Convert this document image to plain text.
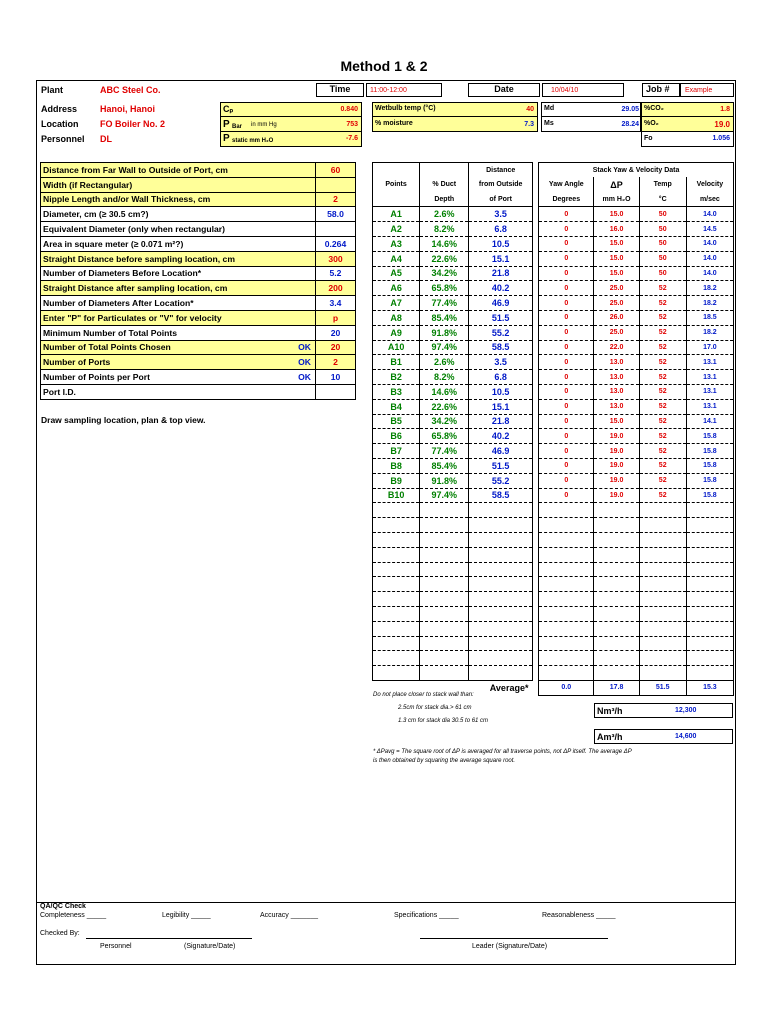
Method 1 & 2
Plant	ABC Steel Co.	Time	11:00-12:00	Date	10/04/10	Job #	Example
Address	Hanoi, Hanoi
Location FO Boiler No. 2
Personnel DL
Cₚ	0.840
P Bar in mm Hg	753
P static mm H₂O	-7.6
Wetbulb temp (°C)	40
% moisture	7.3
Md	29.05
Ms	28.24
%CO₂	1.8
%O₂	19.0
Fo	1.056
Distance from Far Wall to Outside of Port, cm		60
Width (if Rectangular)		
Nipple Length and/or Wall Thickness, cm		2
Diameter, cm (≥ 30.5 cm?)		58.0
Equivalent Diameter (only when rectangular)		
Area in square meter (≥ 0.071 m²?)		0.264
Straight Distance before sampling location, cm		300
Number of Diameters Before Location*		5.2
Straight Distance after sampling location, cm		200
Number of Diameters After Location*		3.4
Enter "P" for Particulates or "V" for velocity		p
Minimum Number of Total Points		20
Number of Total Points Chosen	OK	20
Number of Ports	OK	2
Number of Points per Port	OK	10
Port I.D.		
Draw sampling location, plan & top view.
		Distance		Stack Yaw & Velocity Data			
Points	% Duct	from Outside		Yaw Angle	ΔP	Temp	Velocity
	Depth	of Port		Degrees	mm H₂O	°C	m/sec
A1	2.6%	3.5		0	15.0	50	14.0
A2	8.2%	6.8		0	16.0	50	14.5
A3	14.6%	10.5		0	15.0	50	14.0
A4	22.6%	15.1		0	15.0	50	14.0
A5	34.2%	21.8		0	15.0	50	14.0
A6	65.8%	40.2		0	25.0	52	18.2
A7	77.4%	46.9		0	25.0	52	18.2
A8	85.4%	51.5		0	26.0	52	18.5
A9	91.8%	55.2		0	25.0	52	18.2
A10	97.4%	58.5		0	22.0	52	17.0
B1	2.6%	3.5		0	13.0	52	13.1
B2	8.2%	6.8		0	13.0	52	13.1
B3	14.6%	10.5		0	13.0	52	13.1
B4	22.6%	15.1		0	13.0	52	13.1
B5	34.2%	21.8		0	15.0	52	14.1
B6	65.8%	40.2		0	19.0	52	15.8
B7	77.4%	46.9		0	19.0	52	15.8
B8	85.4%	51.5		0	19.0	52	15.8
B9	91.8%	55.2		0	19.0	52	15.8
B10	97.4%	58.5		0	19.0	52	15.8

Average*				0.0	17.8	51.5	15.3
Do not place closer to stack wall than:
2.5cm for stack dia.> 61 cm
1.3 cm for stack dia 30.5 to 61 cm
Nm³/h	12,300
Am³/h	14,600
* ΔPavg = The square root of ΔP is averaged for all traverse points, not ΔP itself. The average ΔP
is then obtained by squaring the average square root.
QA/QC Check
Completeness _____	Legibility _____	Accuracy _______	Specifications _____	Reasonableness _____
Checked By:
Personnel	(Signature/Date)	Leader (Signature/Date)
